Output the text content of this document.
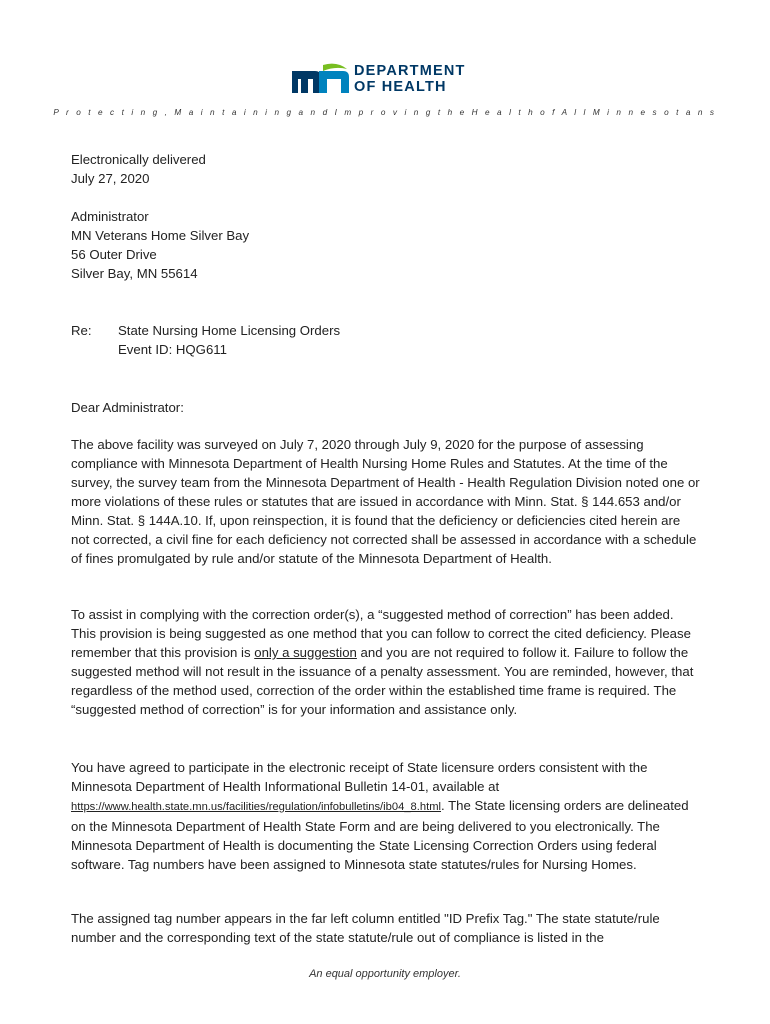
DEPARTMENT
OF HEALTH
P r o t e c t i n g , M a i n t a i n i n g a n d I m p r o v i n g t h e H e a l t h o f A l l M i n n e s o t a n s

Electronically delivered

July 27, 2020

Administrator

MN Veterans Home Silver Bay

56 Outer Drive

Silver Bay, MN 55614

Re: State Nursing Home Licensing Orders

Event ID: HQG611

Dear Administrator:

The above facility was surveyed on July 7, 2020 through July 9, 2020 for the purpose of assessing compliance with Minnesota Department of Health Nursing Home Rules and Statutes. At the time of the survey, the survey team from the Minnesota Department of Health - Health Regulation Division noted one or more violations of these rules or statutes that are issued in accordance with Minn. Stat. § 144.653 and/or Minn. Stat. § 144A.10. If, upon reinspection, it is found that the deficiency or deficiencies cited herein are not corrected, a civil fine for each deficiency not corrected shall be assessed in accordance with a schedule of fines promulgated by rule and/or statute of the Minnesota Department of Health.

To assist in complying with the correction order(s), a “suggested method of correction” has been added. This provision is being suggested as one method that you can follow to correct the cited deficiency. Please remember that this provision is only a suggestion and you are not required to follow it. Failure to follow the suggested method will not result in the issuance of a penalty assessment. You are reminded, however, that regardless of the method used, correction of the order within the established time frame is required. The “suggested method of correction” is for your information and assistance only.

You have agreed to participate in the electronic receipt of State licensure orders consistent with the Minnesota Department of Health Informational Bulletin 14-01, available at https://www.health.state.mn.us/facilities/regulation/infobulletins/ib04_8.html. The State licensing orders are delineated on the Minnesota Department of Health State Form and are being delivered to you electronically. The Minnesota Department of Health is documenting the State Licensing Correction Orders using federal software. Tag numbers have been assigned to Minnesota state statutes/rules for Nursing Homes.

The assigned tag number appears in the far left column entitled "ID Prefix Tag." The state statute/rule number and the corresponding text of the state statute/rule out of compliance is listed in the

An equal opportunity employer.
